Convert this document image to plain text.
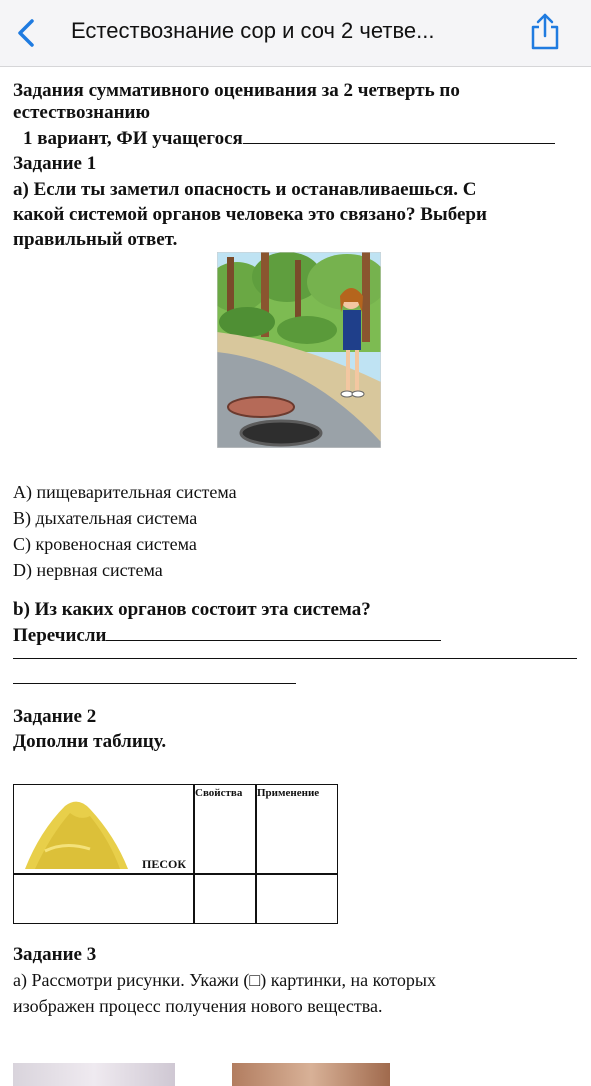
Естествознание сор и соч 2 четве...
Задания суммативного оценивания за 2 четверть по
естествознанию
1 вариант, ФИ учащегося
Задание 1
а) Если ты заметил опасность и останавливаешься. С
какой системой органов человека это связано? Выбери
правильный ответ.
А) пищеварительная система
В) дыхательная система
С) кровеносная система
D) нервная система
b) Из каких органов состоит эта система?
Перечисли
Задание 2
Дополни таблицу.
Свойства Применение
ПЕСОК
Задание 3
а) Рассмотри рисунки. Укажи (□) картинки, на которых
изображен процесс получения нового вещества.
